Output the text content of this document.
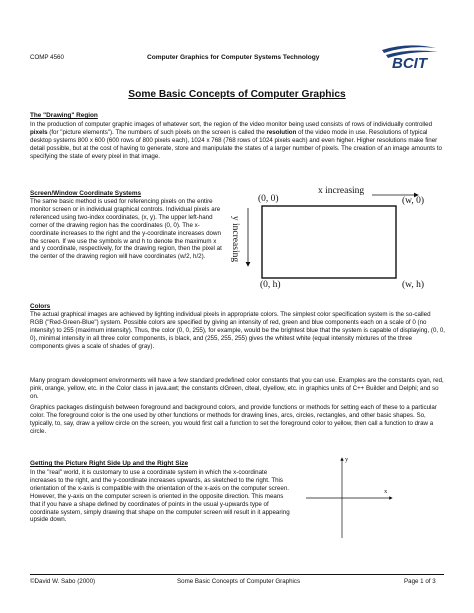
COMP 4560	Computer Graphics for Computer Systems Technology	BCIT
Some Basic Concepts of Computer Graphics
The "Drawing" Region

In the production of computer graphic images of whatever sort, the region of the video monitor being used consists of rows of individually controlled pixels (for "picture elements"). The numbers of such pixels on the screen is called the resolution of the video mode in use. Resolutions of typical desktop systems 800 x 600 (600 rows of 800 pixels each), 1024 x 768 (768 rows of 1024 pixels each) and even higher. Higher resolutions make finer detail possible, but at the cost of having to generate, store and manipulate the states of a larger number of pixels. The creation of an image amounts to specifying the state of every pixel in that image.

Screen/Window Coordinate Systems

The same basic method is used for referencing pixels on the entire monitor screen or in individual graphical controls. Individual pixels are referenced using two-index coordinates, (x, y). The upper left-hand corner of the drawing region has the coordinates (0, 0). The x-coordinate increases to the right and the y-coordinate increases down the screen. If we use the symbols w and h to denote the maximum x and y coordinate, respectively, for the drawing region, then the pixel at the center of the drawing region will have coordinates (w/2, h/2).

x increasing
y increasing
(0, 0)	(w, 0)
(0, h)	(w, h)
Colors

The actual graphical images are achieved by lighting individual pixels in appropriate colors. The simplest color specification system is the so-called RGB ("Red-Green-Blue") system. Possible colors are specified by giving an intensity of red, green and blue components each on a scale of 0 (no intensity) to 255 (maximum intensity). Thus, the color (0, 0, 255), for example, would be the brightest blue that the system is capable of displaying, (0, 0, 0), minimal intensity in all three color components, is black, and (255, 255, 255) gives the whitest white (equal intensity mixtures of the three components gives a scale of shades of gray).

Many program development environments will have a few standard predefined color constants that you can use. Examples are the constants cyan, red, pink, orange, yellow, etc. in the Color class in java.awt; the constants clGreen, clteal, clyellow, etc. in graphics units of C++ Builder and Delphi; and so on.

Graphics packages distinguish between foreground and background colors, and provide functions or methods for setting each of these to a particular color. The foreground color is the one used by other functions or methods for drawing lines, arcs, circles, rectangles, and other basic shapes. So, typically, to, say, draw a yellow circle on the screen, you would first call a function to set the foreground color to yellow, then call a function to draw a circle.

Getting the Picture Right Side Up and the Right Size

In the "real" world, it is customary to use a coordinate system in which the x-coordinate increases to the right, and the y-coordinate increases upwards, as sketched to the right. This orientation of the x-axis is compatible with the orientation of the x-axis on the computer screen. However, the y-axis on the computer screen is oriented in the opposite direction. This means that if you have a shape defined by coordinates of points in the usual y-upwards type of coordinate system, simply drawing that shape on the computer screen will result in it appearing upside down.

y
x
©David W. Sabo (2000)	Some Basic Concepts of Computer Graphics	Page 1 of 3
